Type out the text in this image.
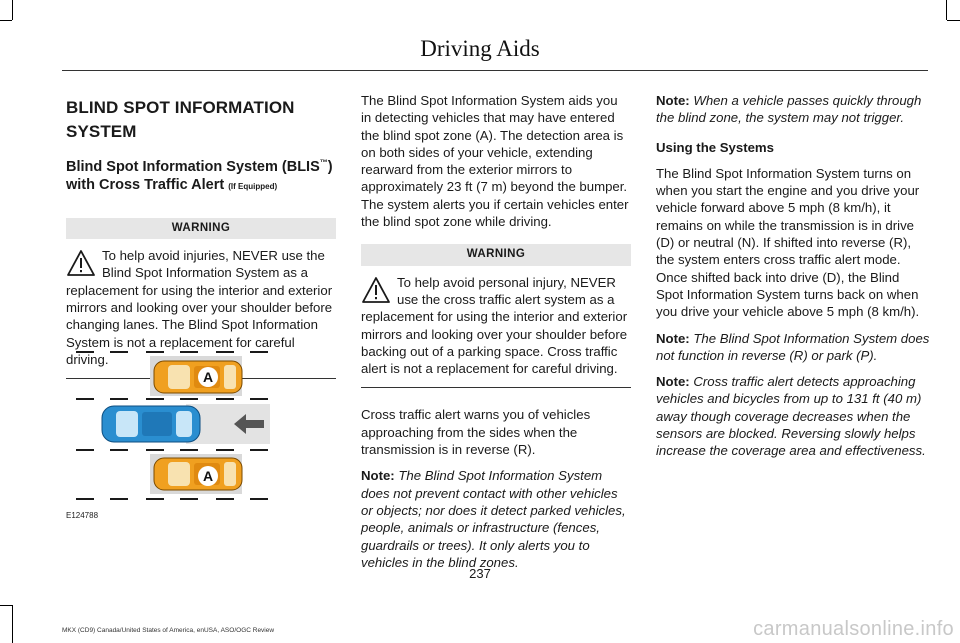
Driving Aids
BLIND SPOT INFORMATION
SYSTEM
Blind Spot Information System (BLIS™)
with Cross Traffic Alert (If Equipped)
WARNING

To help avoid injuries, NEVER use the Blind Spot Information System as a replacement for using the interior and exterior mirrors and looking over your shoulder before changing lanes. The Blind Spot Information System is not a replacement for careful driving.

A
A
E124788

The Blind Spot Information System aids you in detecting vehicles that may have entered the blind spot zone (A). The detection area is on both sides of your vehicle, extending rearward from the exterior mirrors to approximately 23 ft (7 m) beyond the bumper. The system alerts you if certain vehicles enter the blind spot zone while driving.

WARNING

To help avoid personal injury, NEVER use the cross traffic alert system as a replacement for using the interior and exterior mirrors and looking over your shoulder before backing out of a parking space. Cross traffic alert is not a replacement for careful driving.

Cross traffic alert warns you of vehicles approaching from the sides when the transmission is in reverse (R).

Note: The Blind Spot Information System does not prevent contact with other vehicles or objects; nor does it detect parked vehicles, people, animals or infrastructure (fences, guardrails or trees). It only alerts you to vehicles in the blind zones.

Note: When a vehicle passes quickly through the blind zone, the system may not trigger.

Using the Systems

The Blind Spot Information System turns on when you start the engine and you drive your vehicle forward above 5 mph (8 km/h), it remains on while the transmission is in drive (D) or neutral (N). If shifted into reverse (R), the system enters cross traffic alert mode. Once shifted back into drive (D), the Blind Spot Information System turns back on when you drive your vehicle above 5 mph (8 km/h).

Note: The Blind Spot Information System does not function in reverse (R) or park (P).

Note: Cross traffic alert detects approaching vehicles and bicycles from up to 131 ft (40 m) away though coverage decreases when the sensors are blocked. Reversing slowly helps increase the coverage area and effectiveness.

237
MKX (CD9) Canada/United States of America, enUSA, ASO/OGC Review	carmanualsonline.info
